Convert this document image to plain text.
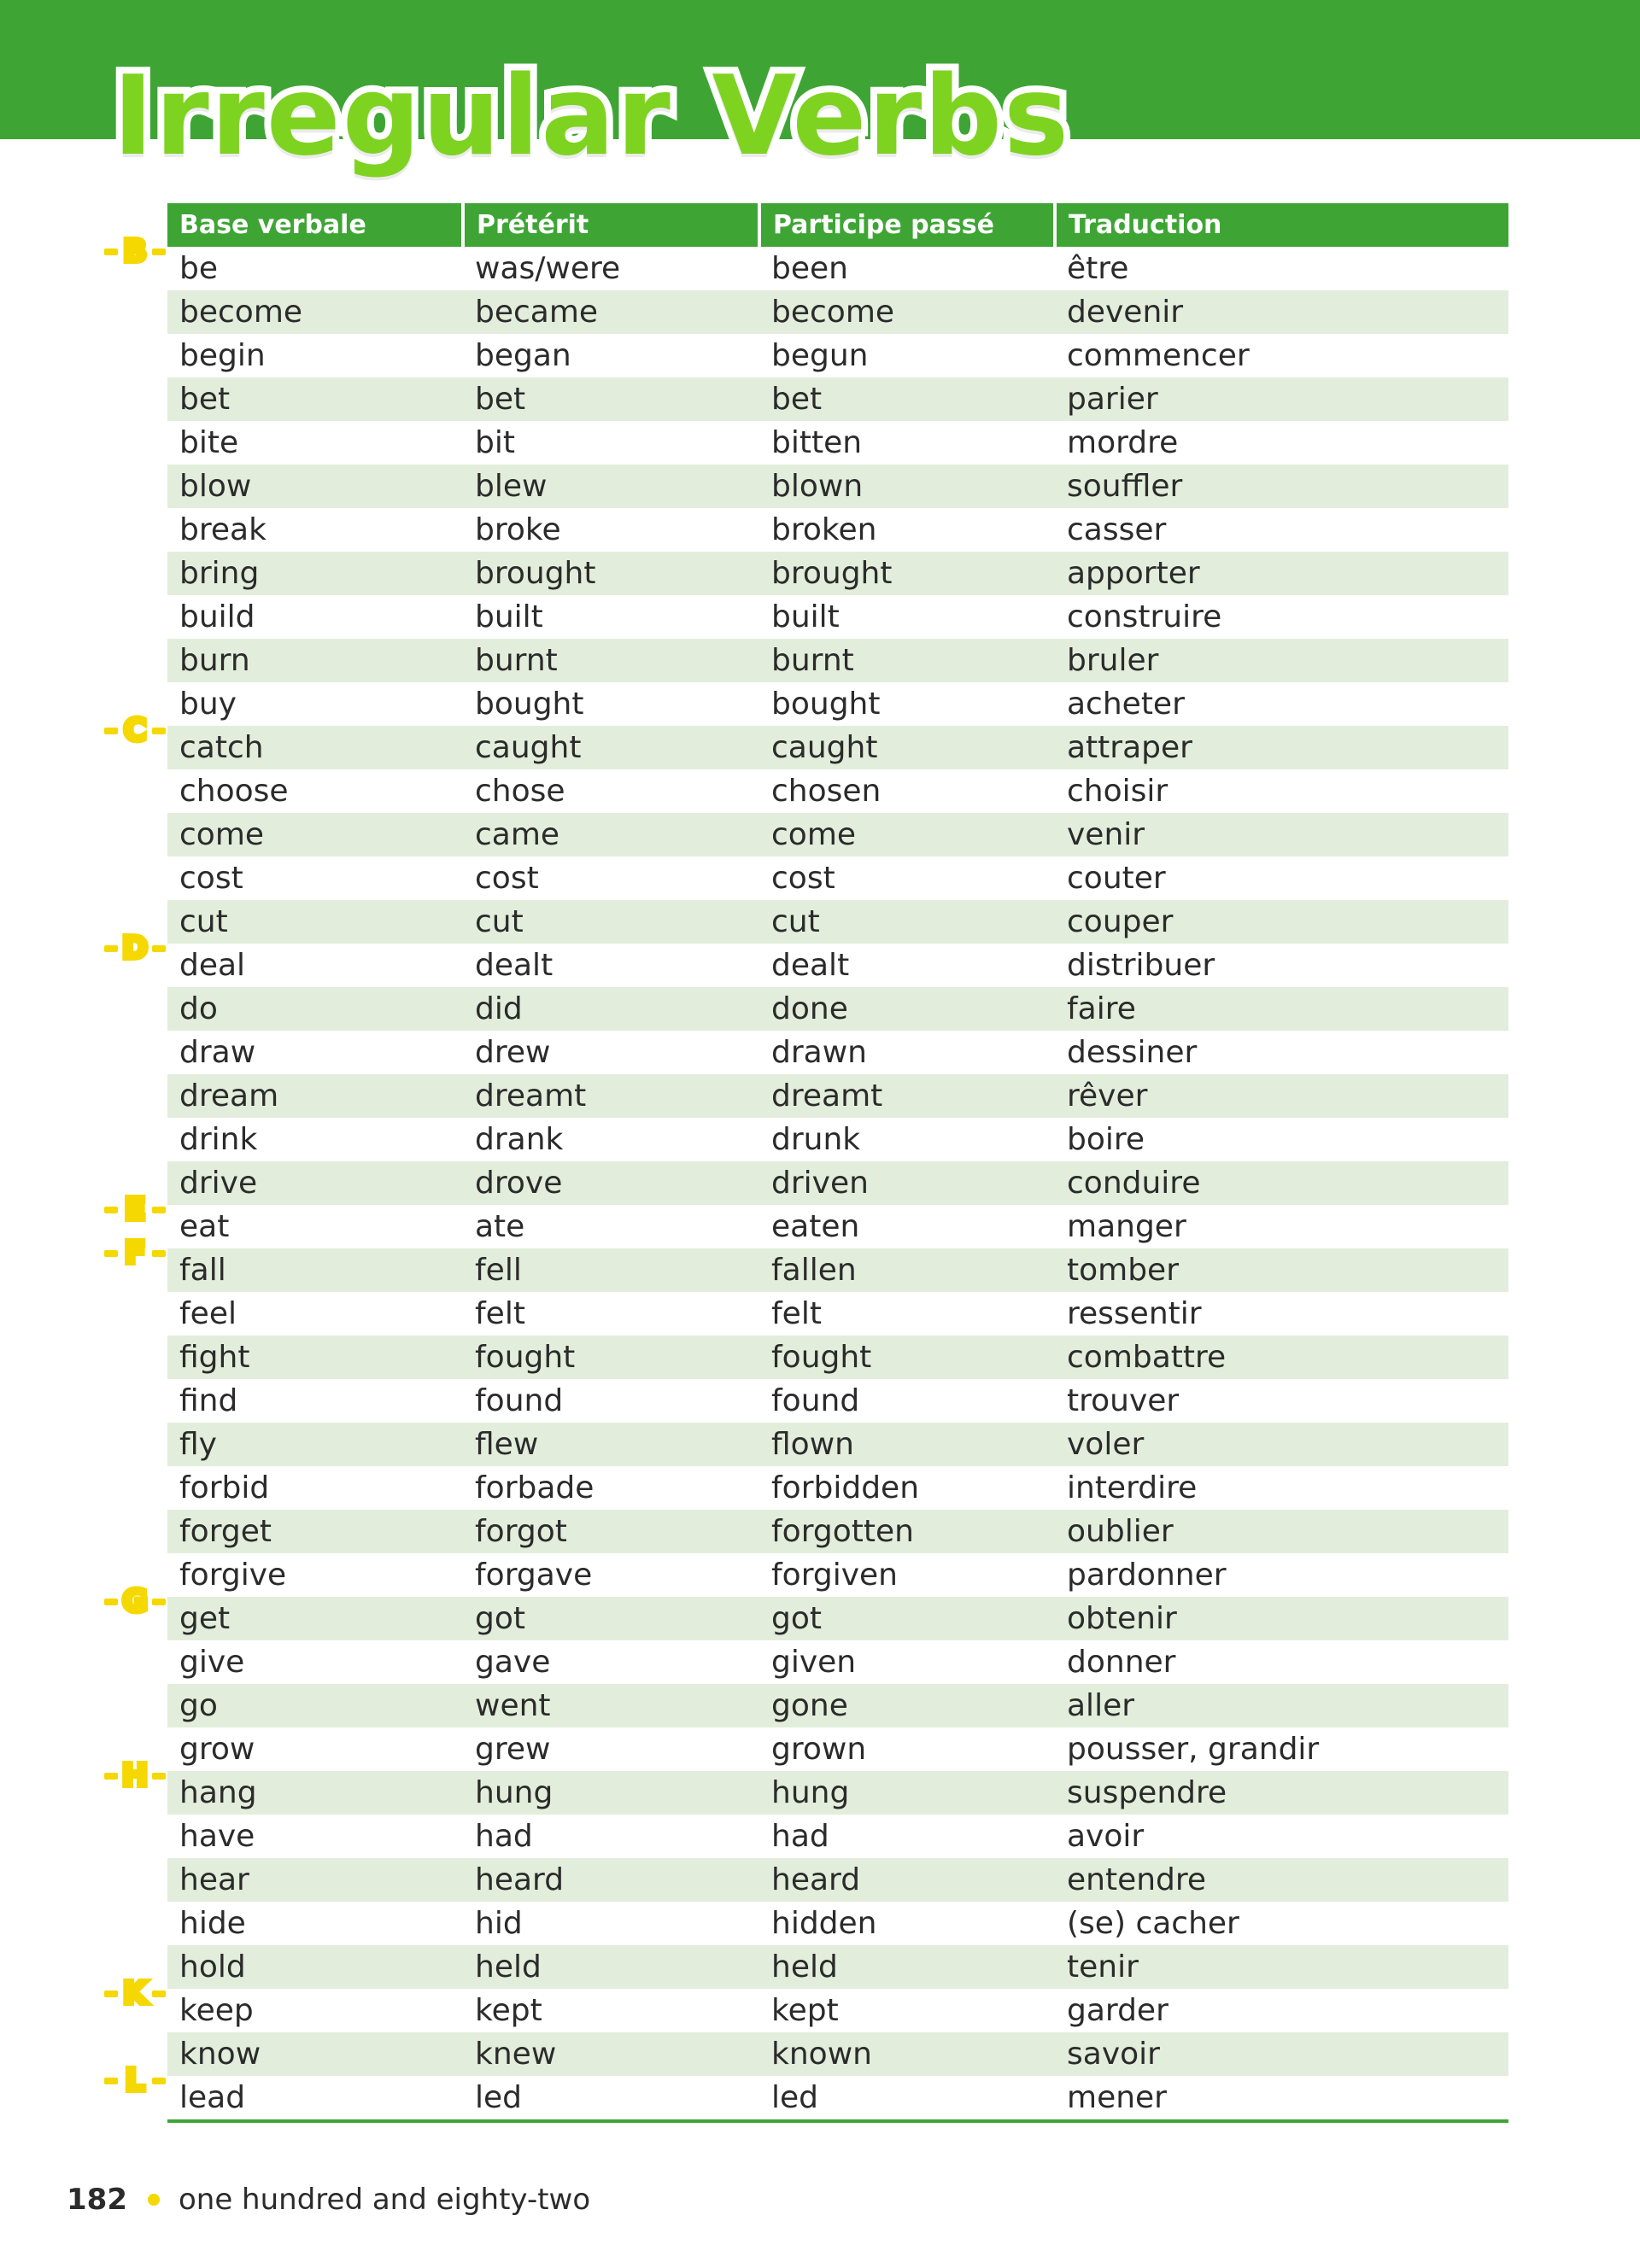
Irregular Verbs
Base verbale	Prétérit	Participe passé	Traduction
be	was/were	been	être
become	became	become	devenir
begin	began	begun	commencer
bet	bet	bet	parier
bite	bit	bitten	mordre
blow	blew	blown	souffler
break	broke	broken	casser
bring	brought	brought	apporter
build	built	built	construire
burn	burnt	burnt	bruler
buy	bought	bought	acheter
catch	caught	caught	attraper
choose	chose	chosen	choisir
come	came	come	venir
cost	cost	cost	couter
cut	cut	cut	couper
deal	dealt	dealt	distribuer
do	did	done	faire
draw	drew	drawn	dessiner
dream	dreamt	dreamt	rêver
drink	drank	drunk	boire
drive	drove	driven	conduire
eat	ate	eaten	manger
fall	fell	fallen	tomber
feel	felt	felt	ressentir
fight	fought	fought	combattre
find	found	found	trouver
fly	flew	flown	voler
forbid	forbade	forbidden	interdire
forget	forgot	forgotten	oublier
forgive	forgave	forgiven	pardonner
get	got	got	obtenir
give	gave	given	donner
go	went	gone	aller
grow	grew	grown	pousser, grandir
hang	hung	hung	suspendre
have	had	had	avoir
hear	heard	heard	entendre
hide	hid	hidden	(se) cacher
hold	held	held	tenir
keep	kept	kept	garder
know	knew	known	savoir
lead	led	led	mener
B
C
D
E
F
G
H
K
L
182 one hundred and eighty-two
